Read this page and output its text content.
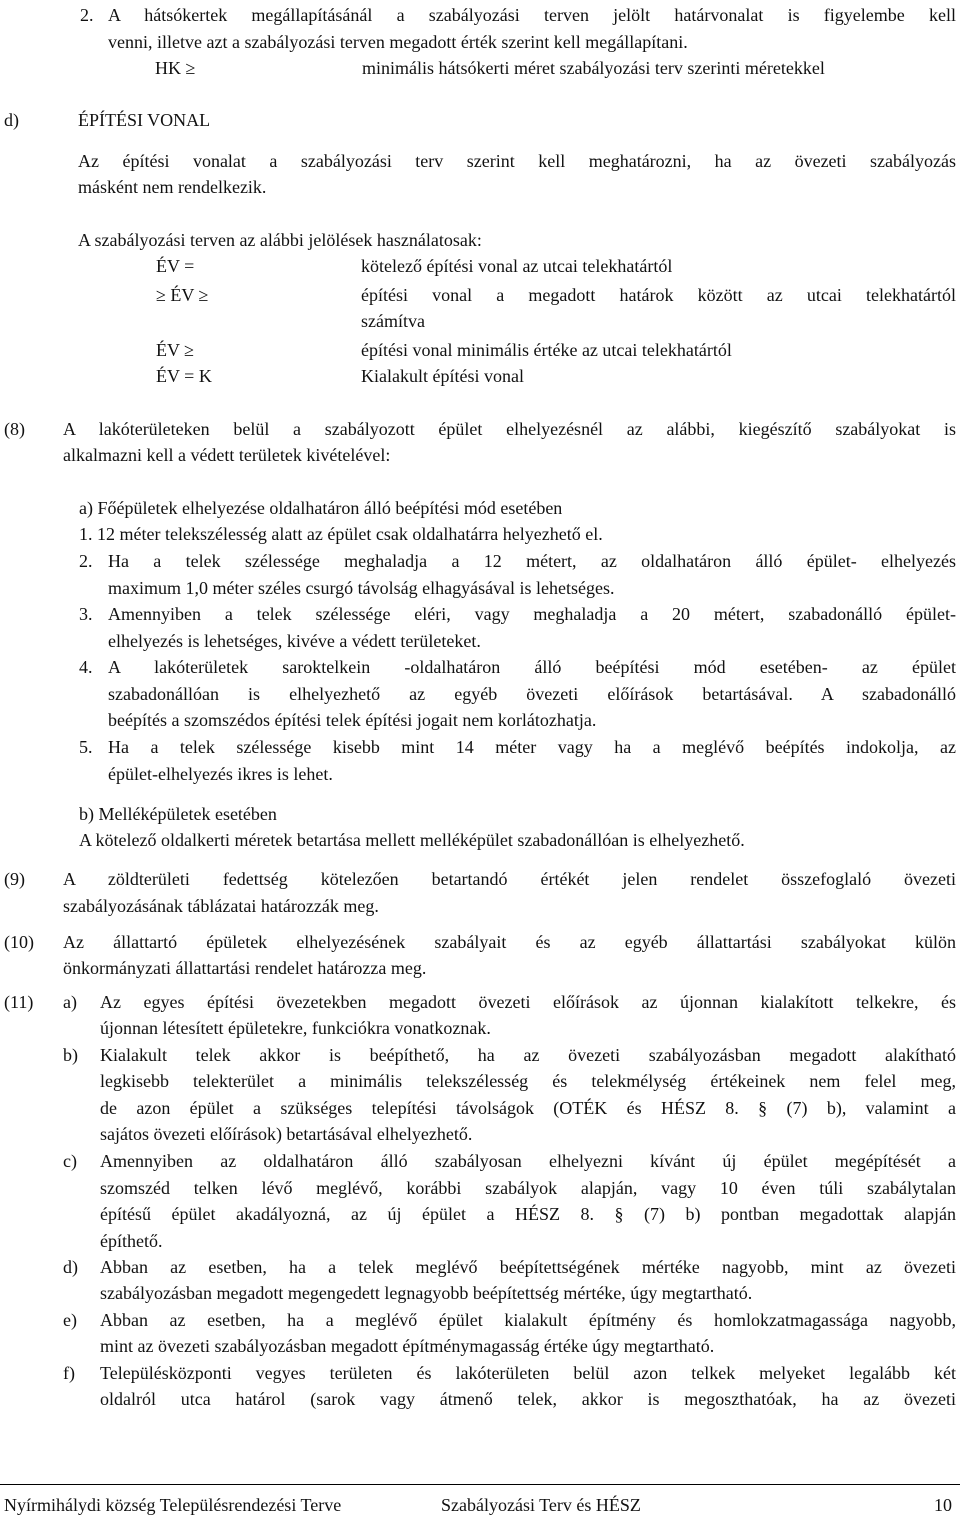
2. A hátsókertek megállapításánál a szabályozási terven jelölt határvonalat is figyelembe kell
venni, illetve azt a szabályozási terven megadott érték szerint kell megállapítani.
HK ≥	minimális hátsókerti méret szabályozási terv szerinti méretekkel
d)	ÉPÍTÉSI VONAL
Az építési vonalat a szabályozási terv szerint kell meghatározni, ha az övezeti szabályozás
másként nem rendelkezik.
A szabályozási terven az alábbi jelölések használatosak:
ÉV =	kötelező építési vonal az utcai telekhatártól
≥ ÉV ≥	építési vonal a megadott határok között az utcai telekhatártól
számítva
ÉV ≥	építési vonal minimális értéke az utcai telekhatártól
ÉV = K	Kialakult építési vonal
(8) A lakóterületeken belül a szabályozott épület elhelyezésnél az alábbi, kiegészítő szabályokat is
alkalmazni kell a védett területek kivételével:
a) Főépületek elhelyezése oldalhatáron álló beépítési mód esetében
1. 12 méter telekszélesség alatt az épület csak oldalhatárra helyezhető el.
2. Ha a telek szélessége meghaladja a 12 métert, az oldalhatáron álló épület- elhelyezés
maximum 1,0 méter széles csurgó távolság elhagyásával is lehetséges.
3. Amennyiben a telek szélessége eléri, vagy meghaladja a 20 métert, szabadonálló épület-
elhelyezés is lehetséges, kivéve a védett területeket.
4. A lakóterületek saroktelkein -oldalhatáron álló beépítési mód esetében- az épület
szabadonállóan is elhelyezhető az egyéb övezeti előírások betartásával. A szabadonálló
beépítés a szomszédos építési telek építési jogait nem korlátozhatja.
5. Ha a telek szélessége kisebb mint 14 méter vagy ha a meglévő beépítés indokolja, az
épület-elhelyezés ikres is lehet.
b) Melléképületek esetében
A kötelező oldalkerti méretek betartása mellett melléképület szabadonállóan is elhelyezhető.
(9) A zöldterületi fedettség kötelezően betartandó értékét jelen rendelet összefoglaló övezeti
szabályozásának táblázatai határozzák meg.
(10) Az állattartó épületek elhelyezésének szabályait és az egyéb állattartási szabályokat külön
önkormányzati állattartási rendelet határozza meg.
(11) a) Az egyes építési övezetekben megadott övezeti előírások az újonnan kialakított telkekre, és
újonnan létesített épületekre, funkciókra vonatkoznak.
b) Kialakult telek akkor is beépíthető, ha az övezeti szabályozásban megadott alakítható
legkisebb telekterület a minimális telekszélesség és telekmélység értékeinek nem felel meg,
de azon épület a szükséges telepítési távolságok (OTÉK és HÉSZ 8. § (7) b), valamint a
sajátos övezeti előírások) betartásával elhelyezhető.
c) Amennyiben az oldalhatáron álló szabályosan elhelyezni kívánt új épület megépítését a
szomszéd telken lévő meglévő, korábbi szabályok alapján, vagy 10 éven túli szabálytalan
építésű épület akadályozná, az új épület a HÉSZ 8. § (7) b) pontban megadottak alapján
építhető.
d) Abban az esetben, ha a telek meglévő beépítettségének mértéke nagyobb, mint az övezeti
szabályozásban megadott megengedett legnagyobb beépítettség mértéke, úgy megtartható.
e) Abban az esetben, ha a meglévő épület kialakult építmény és homlokzatmagassága nagyobb,
mint az övezeti szabályozásban megadott építménymagasság értéke úgy megtartható.
f) Településközponti vegyes területen és lakóterületen belül azon telkek melyeket legalább két
oldalról utca határol (sarok vagy átmenő telek, akkor is megoszthatóak, ha az övezeti
Nyírmihálydi község Településrendezési Terve	Szabályozási Terv és HÉSZ	10
